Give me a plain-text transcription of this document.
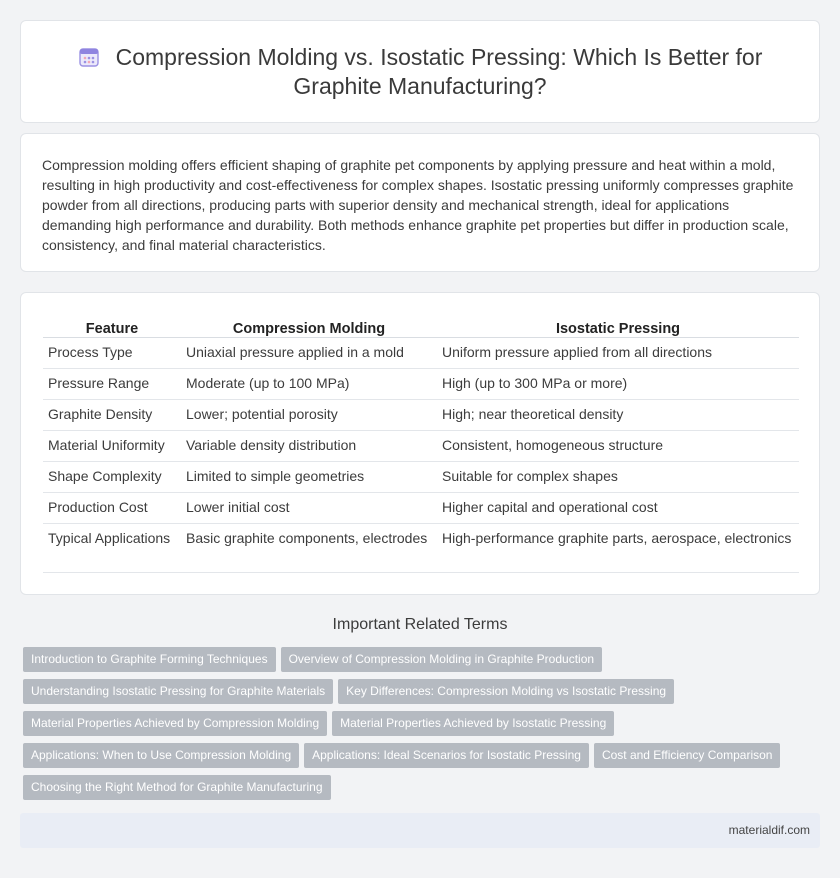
Compression Molding vs. Isostatic Pressing: Which Is Better for Graphite Manufacturing?

Compression molding offers efficient shaping of graphite pet components by applying pressure and heat within a mold, resulting in high productivity and cost-effectiveness for complex shapes. Isostatic pressing uniformly compresses graphite powder from all directions, producing parts with superior density and mechanical strength, ideal for applications demanding high performance and durability. Both methods enhance graphite pet properties but differ in production scale, consistency, and final material characteristics.

Feature	Compression Molding	Isostatic Pressing
Process Type	Uniaxial pressure applied in a mold	Uniform pressure applied from all directions
Pressure Range	Moderate (up to 100 MPa)	High (up to 300 MPa or more)
Graphite Density	Lower; potential porosity	High; near theoretical density
Material Uniformity	Variable density distribution	Consistent, homogeneous structure
Shape Complexity	Limited to simple geometries	Suitable for complex shapes
Production Cost	Lower initial cost	Higher capital and operational cost
Typical Applications	Basic graphite components, electrodes	High-performance graphite parts, aerospace, electronics
Important Related Terms
Introduction to Graphite Forming Techniques Overview of Compression Molding in Graphite Production
Understanding Isostatic Pressing for Graphite Materials Key Differences: Compression Molding vs Isostatic Pressing
Material Properties Achieved by Compression Molding Material Properties Achieved by Isostatic Pressing
Applications: When to Use Compression Molding Applications: Ideal Scenarios for Isostatic Pressing Cost and Efficiency Comparison
Choosing the Right Method for Graphite Manufacturing
materialdif.com
